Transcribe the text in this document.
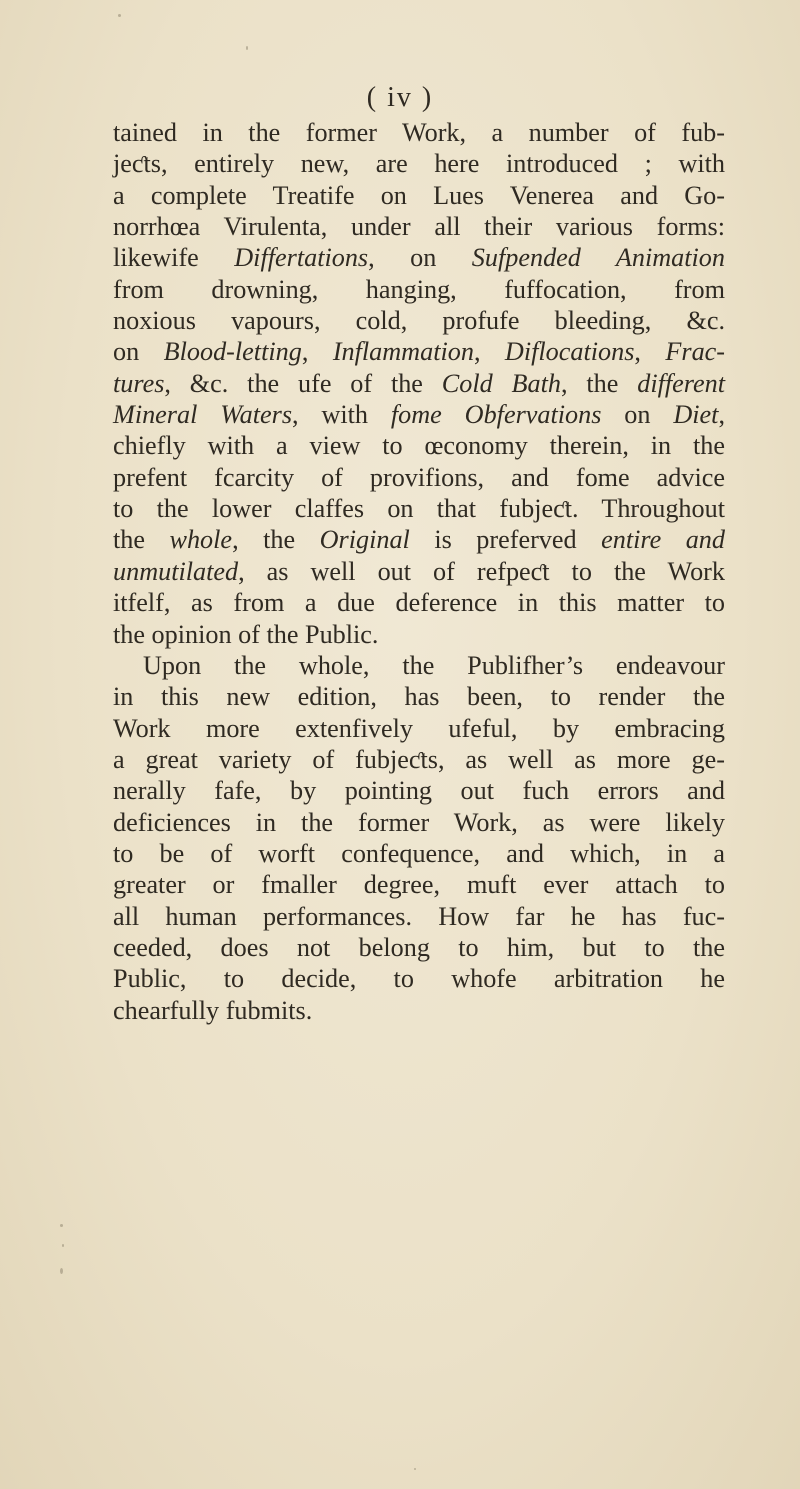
( iv )
tained in the former Work, a number of fub-
jeƈts, entirely new, are here introduced ; with
a complete Treatife on Lues Venerea and Go-
norrhœa Virulenta, under all their various forms:
likewife Differtations, on Sufpended Animation
from drowning, hanging, fuffocation, from
noxious vapours, cold, profufe bleeding, &c.
on Blood-letting, Inflammation, Diflocations, Frac-
tures, &c. the ufe of the Cold Bath, the different
Mineral Waters, with fome Obfervations on Diet,
chiefly with a view to œconomy therein, in the
prefent fcarcity of provifions, and fome advice
to the lower claffes on that fubjeƈt. Throughout
the whole, the Original is preferved entire and
unmutilated, as well out of refpeƈt to the Work
itfelf, as from a due deference in this matter to
the opinion of the Public.
Upon the whole, the Publifher’s endeavour
in this new edition, has been, to render the
Work more extenfively ufeful, by embracing
a great variety of fubjeƈts, as well as more ge-
nerally fafe, by pointing out fuch errors and
deficiences in the former Work, as were likely
to be of worft confequence, and which, in a
greater or fmaller degree, muft ever attach to
all human performances. How far he has fuc-
ceeded, does not belong to him, but to the
Public, to decide, to whofe arbitration he
chearfully fubmits.
